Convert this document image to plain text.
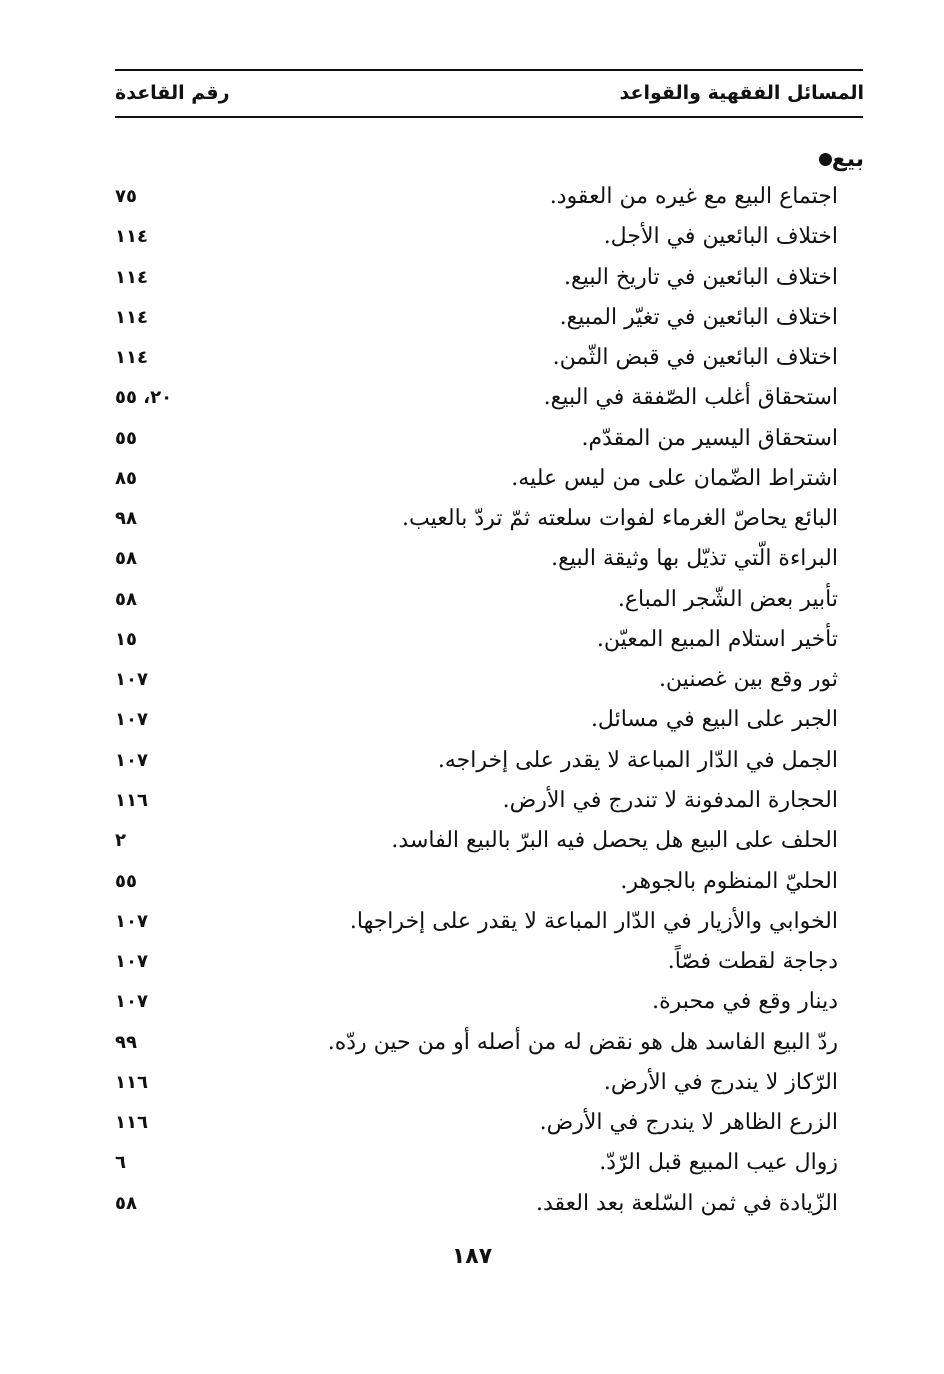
المسائل الفقهية والقواعد
رقم القاعدة
بيع
اجتماع البيع مع غيره من العقود.
٧٥
اختلاف البائعين في الأجل.
١١٤
اختلاف البائعين في تاريخ البيع.
١١٤
اختلاف البائعين في تغيّر المبيع.
١١٤
اختلاف البائعين في قبض الثّمن.
١١٤
استحقاق أغلب الصّفقة في البيع.
٢٠، ٥٥
استحقاق اليسير من المقدّم.
٥٥
اشتراط الضّمان على من ليس عليه.
٨٥
البائع يحاصّ الغرماء لفوات سلعته ثمّ تردّ بالعيب.
٩٨
البراءة الّتي تذيّل بها وثيقة البيع.
٥٨
تأبير بعض الشّجر المباع.
٥٨
تأخير استلام المبيع المعيّن.
١٥
ثور وقع بين غصنين.
١٠٧
الجبر على البيع في مسائل.
١٠٧
الجمل في الدّار المباعة لا يقدر على إخراجه.
١٠٧
الحجارة المدفونة لا تندرج في الأرض.
١١٦
الحلف على البيع هل يحصل فيه البرّ بالبيع الفاسد.
٢
الحليّ المنظوم بالجوهر.
٥٥
الخوابي والأزيار في الدّار المباعة لا يقدر على إخراجها.
١٠٧
دجاجة لقطت فصّاً.
١٠٧
دينار وقع في محبرة.
١٠٧
ردّ البيع الفاسد هل هو نقض له من أصله أو من حين ردّه.
٩٩
الرّكاز لا يندرج في الأرض.
١١٦
الزرع الظاهر لا يندرج في الأرض.
١١٦
زوال عيب المبيع قبل الرّدّ.
٦
الزّيادة في ثمن السّلعة بعد العقد.
٥٨
١٨٧
